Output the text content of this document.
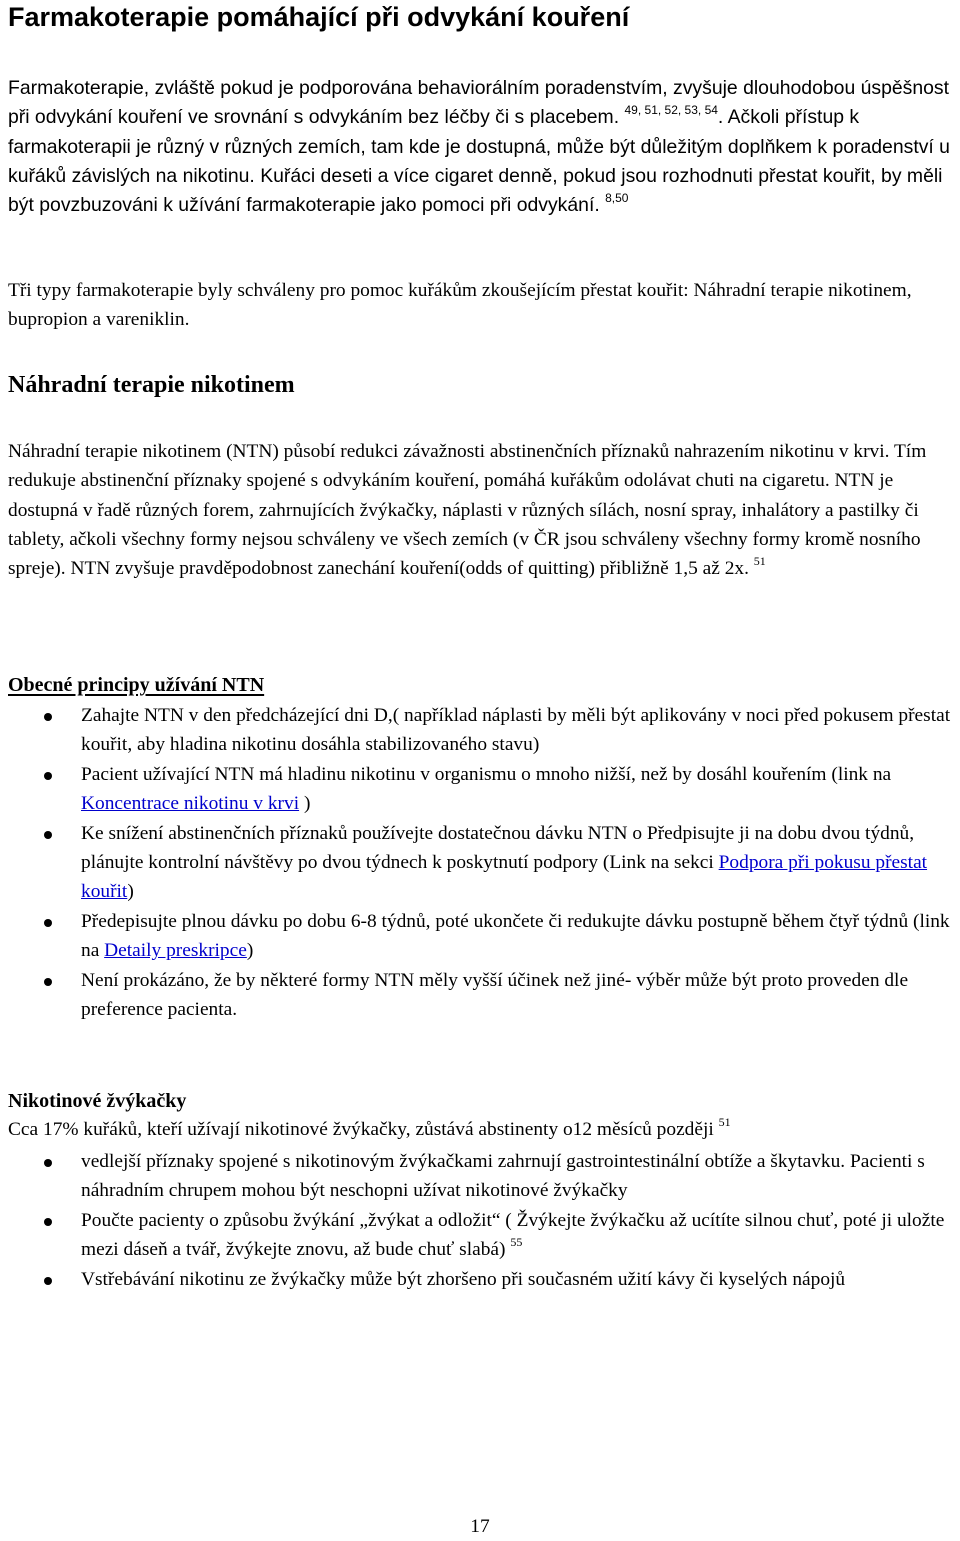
Farmakoterapie pomáhající při odvykání kouření

Farmakoterapie, zvláště pokud je podporována behaviorálním poradenstvím, zvyšuje dlouhodobou úspěšnost při odvykání kouření ve srovnání s odvykáním bez léčby či s placebem. $^{49, 51, 52, 53, 54}$. Ačkoli přístup k farmakoterapii je různý v různých zemích, tam kde je dostupná, může být důležitým doplňkem k poradenství u kuřáků závislých na nikotinu. Kuřáci deseti a více cigaret denně, pokud jsou rozhodnuti přestat kouřit, by měli být povzbuzováni k užívání farmakoterapie jako pomoci při odvykání. $^{8,50}$

Tři typy farmakoterapie byly schváleny pro pomoc kuřákům zkoušejícím přestat kouřit: Náhradní terapie nikotinem, bupropion a vareniklin.

Náhradní terapie nikotinem

Náhradní terapie nikotinem (NTN) působí redukci závažnosti abstinenčních příznaků nahrazením nikotinu v krvi. Tím redukuje abstinenční příznaky spojené s odvykáním kouření, pomáhá kuřákům odolávat chuti na cigaretu. NTN je dostupná v řadě různých forem, zahrnujících žvýkačky, náplasti v různých sílách, nosní spray, inhalátory a pastilky či tablety, ačkoli všechny formy nejsou schváleny ve všech zemích (v ČR jsou schváleny všechny formy kromě nosního spreje). NTN zvyšuje pravděpodobnost zanechání kouření(odds of quitting) přibližně 1,5 až 2x. $^{51}$

Obecné principy užívání NTN
Zahajte NTN v den předcházející dni D,( například náplasti by měli být aplikovány v noci před pokusem přestat kouřit, aby hladina nikotinu dosáhla stabilizovaného stavu)
Pacient užívající NTN má hladinu nikotinu v organismu o mnoho nižší, než by dosáhl kouřením (link na Koncentrace nikotinu v krvi )
Ke snížení abstinenčních příznaků používejte dostatečnou dávku NTN o Předpisujte ji na dobu dvou týdnů, plánujte kontrolní návštěvy po dvou týdnech k poskytnutí podpory (Link na sekci Podpora při pokusu přestat kouřit)
Předepisujte plnou dávku po dobu 6-8 týdnů, poté ukončete či redukujte dávku postupně během čtyř týdnů (link na Detaily preskripce)
Není prokázáno, že by některé formy NTN měly vyšší účinek než jiné- výběr může být proto proveden dle preference pacienta.
Nikotinové žvýkačky

Cca 17% kuřáků, kteří užívají nikotinové žvýkačky, zůstává abstinenty o12 měsíců později $^{51}$

vedlejší příznaky spojené s nikotinovým žvýkačkami zahrnují gastrointestinální obtíže a škytavku. Pacienti s náhradním chrupem mohou být neschopni užívat nikotinové žvýkačky
Poučte pacienty o způsobu žvýkání „žvýkat a odložit“ ( Žvýkejte žvýkačku až ucítíte silnou chuť, poté ji uložte mezi dáseň a tvář, žvýkejte znovu, až bude chuť slabá) $^{55}$
Vstřebávání nikotinu ze žvýkačky může být zhoršeno při současném užití kávy či kyselých nápojů
17
